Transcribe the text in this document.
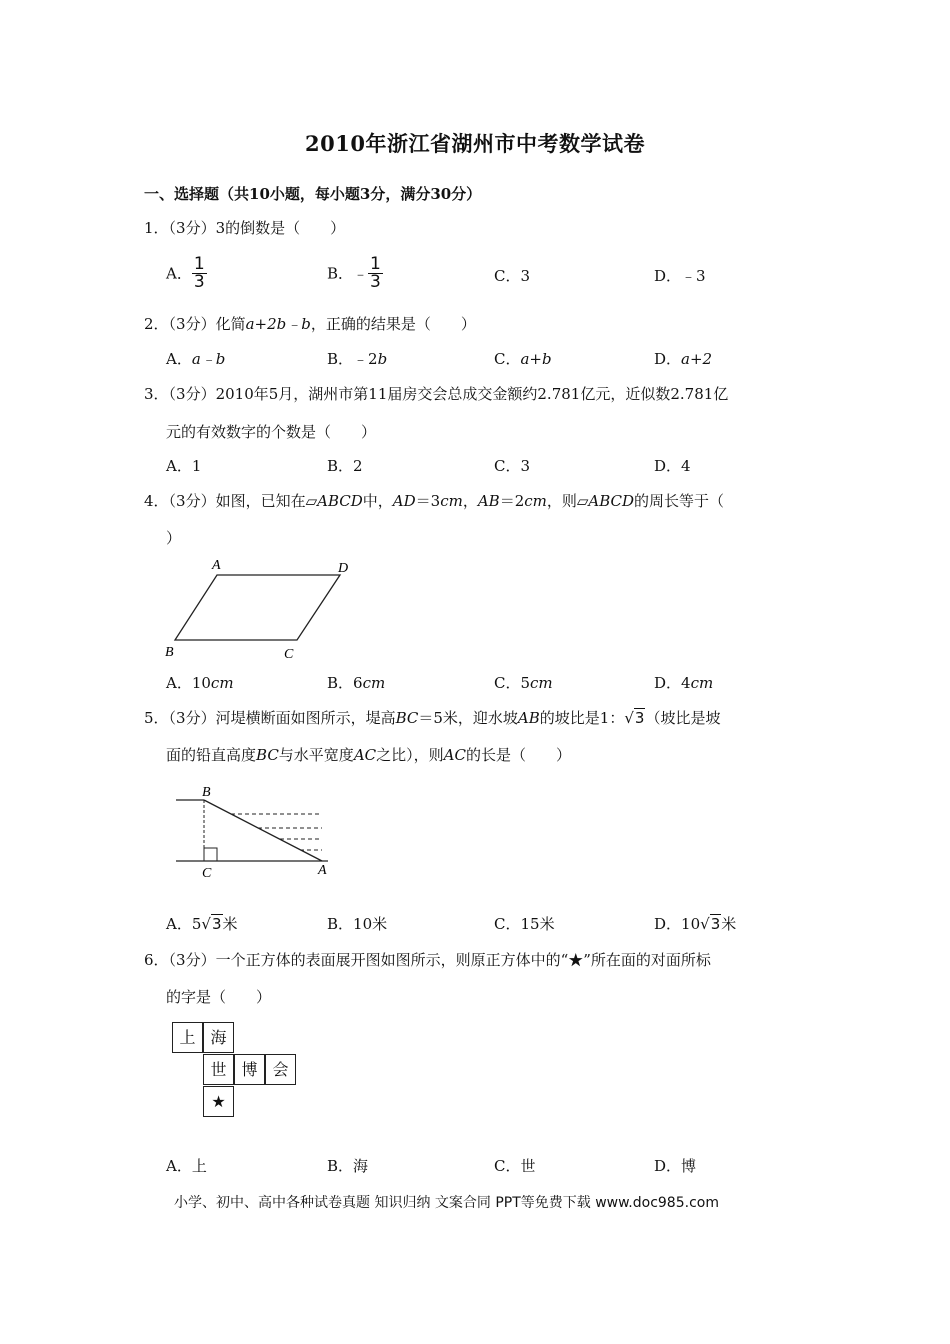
2010年浙江省湖州市中考数学试卷
一、选择题（共10小题，每小题3分，满分30分）
1．（3分）3的倒数是（　　）
A． $\frac{1}{3}$	B．﹣ $\frac{1}{3}$	C．3	D．﹣3
2．（3分）化简a+2b﹣b，正确的结果是（　　）
A．a﹣b	B．﹣2b	C．a+b	D．a+2
3．（3分）2010年5月，湖州市第11届房交会总成交金额约2.781亿元，近似数2.781亿
元的有效数字的个数是（　　）
A．1	B．2	C．3	D．4
4．（3分）如图，已知在▱ABCD中，AD＝3cm，AB＝2cm，则▱ABCD的周长等于（
）
A	D
B	C
A．10cm	B．6cm	C．5cm	D．4cm
5．（3分）河堤横断面如图所示，堤高BC＝5米，迎水坡AB的坡比是1：√3（坡比是坡
面的铅直高度BC与水平宽度AC之比），则AC的长是（　　）
B
C	A
A．5√3米	B．10米	C．15米	D．10√3米
6．（3分）一个正方体的表面展开图如图所示，则原正方体中的“★”所在面的对面所标
的字是（　　）
上 海
世 博 会
★
A．上	B．海	C．世	D．博
小学、初中、高中各种试卷真题 知识归纳 文案合同 PPT等免费下载 www.doc985.com
